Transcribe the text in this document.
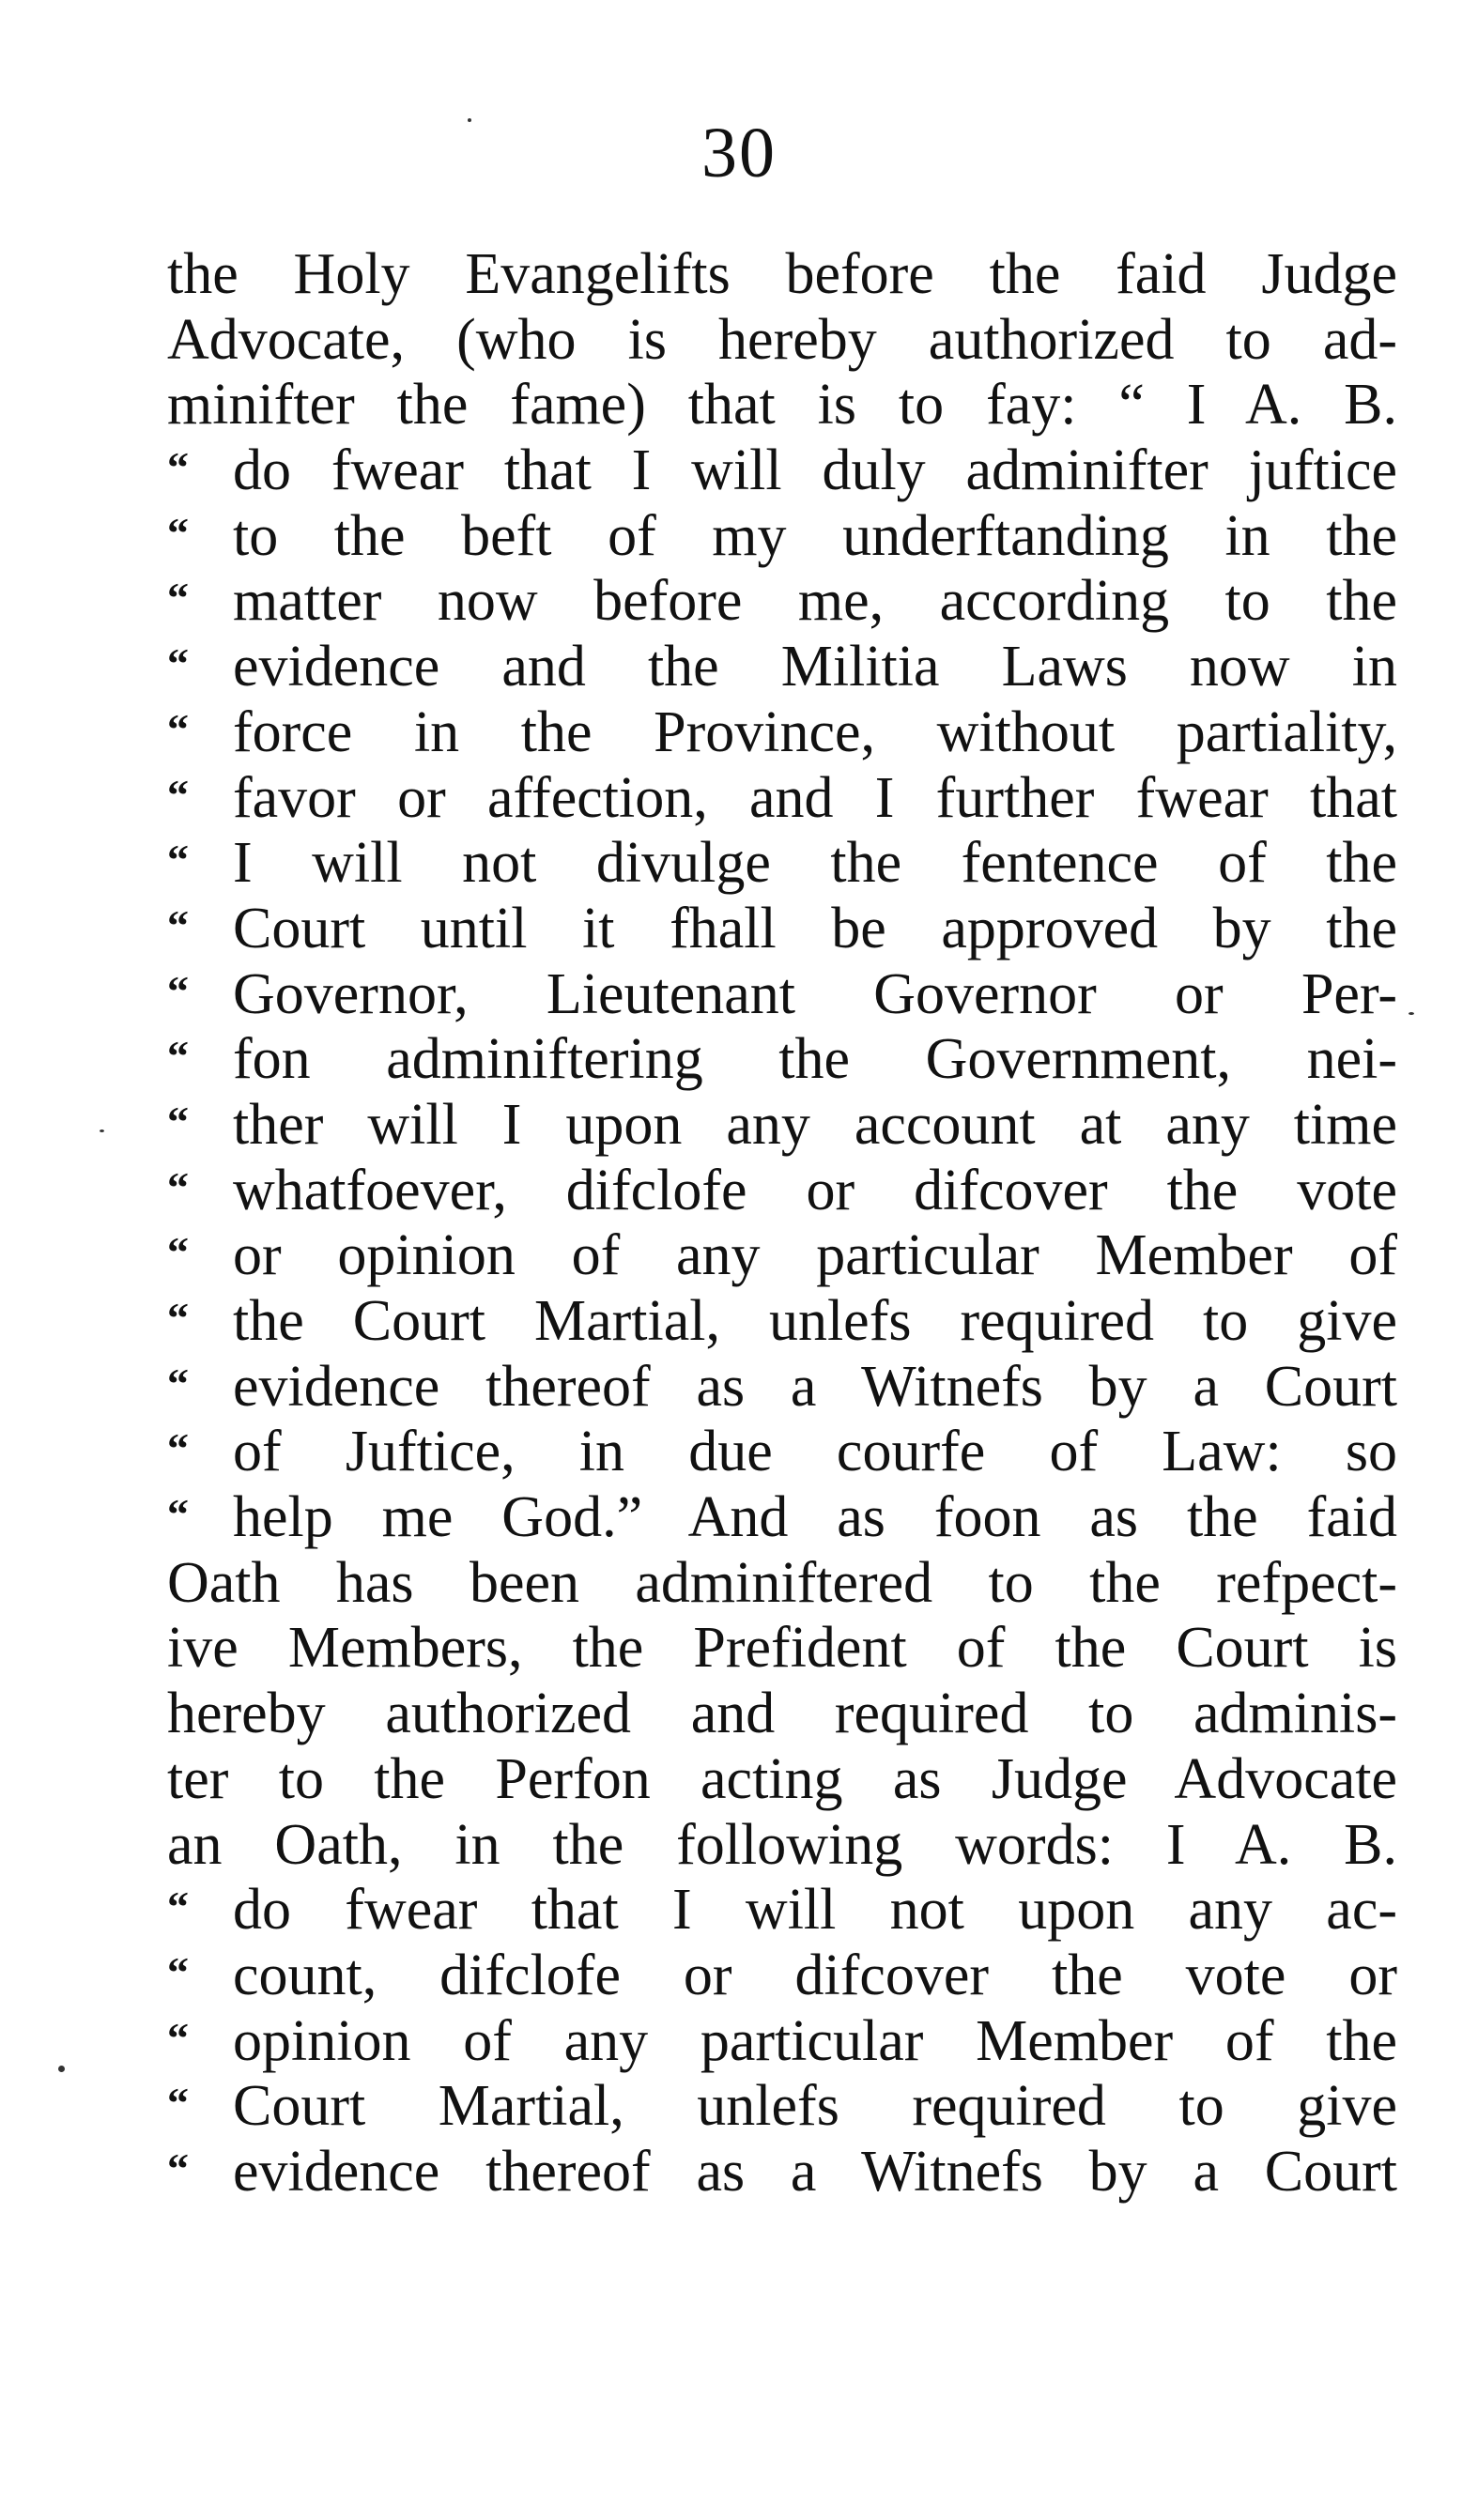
30
the Holy Evangelifts before the faid Judge
Advocate, (who is hereby authorized to ad-
minifter the fame) that is to fay: “ I A. B.
“ do fwear that I will duly adminifter juftice
“ to the beft of my underftanding in the
“ matter now before me, according to the
“ evidence and the Militia Laws now in
“ force in the Province, without partiality,
“ favor or affection, and I further fwear that
“ I will not divulge the fentence of the
“ Court until it fhall be approved by the
“ Governor, Lieutenant Governor or Per-
“ fon adminiftering the Government, nei-
“ ther will I upon any account at any time
“ whatfoever, difclofe or difcover the vote
“ or opinion of any particular Member of
“ the Court Martial, unlefs required to give
“ evidence thereof as a Witnefs by a Court
“ of Juftice, in due courfe of Law: so
“ help me God.” And as foon as the faid
Oath has been adminiftered to the refpect-
ive Members, the Prefident of the Court is
hereby authorized and required to adminis-
ter to the Perfon acting as Judge Advocate
an Oath, in the following words: I A. B.
“ do fwear that I will not upon any ac-
“ count, difclofe or difcover the vote or
“ opinion of any particular Member of the
“ Court Martial, unlefs required to give
“ evidence thereof as a Witnefs by a Court
